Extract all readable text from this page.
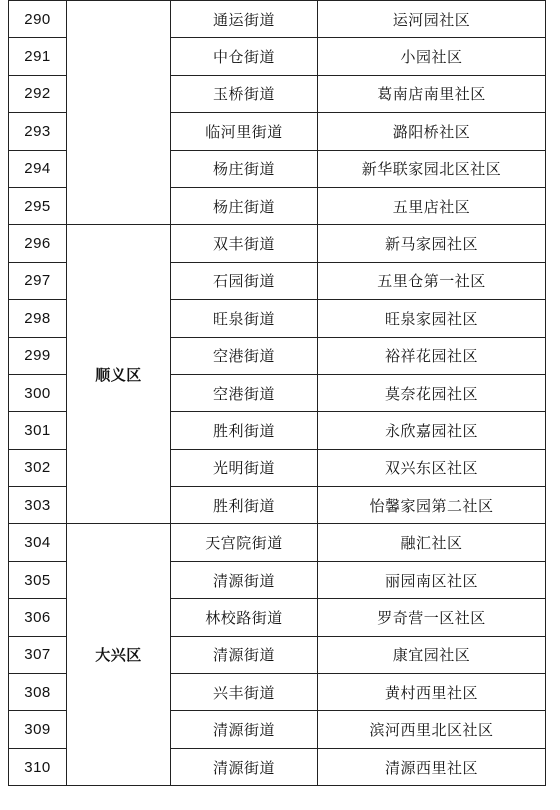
290		通运街道	运河园社区
291		中仓街道	小园社区
292		玉桥街道	葛南店南里社区
293		临河里街道	潞阳桥社区
294		杨庄街道	新华联家园北区社区
295		杨庄街道	五里店社区
296	顺义区	双丰街道	新马家园社区
297		石园街道	五里仓第一社区
298		旺泉街道	旺泉家园社区
299		空港街道	裕祥花园社区
300		空港街道	莫奈花园社区
301		胜利街道	永欣嘉园社区
302		光明街道	双兴东区社区
303		胜利街道	怡馨家园第二社区
304	大兴区	天宫院街道	融汇社区
305		清源街道	丽园南区社区
306		林校路街道	罗奇营一区社区
307		清源街道	康宜园社区
308		兴丰街道	黄村西里社区
309		清源街道	滨河西里北区社区
310		清源街道	清源西里社区
